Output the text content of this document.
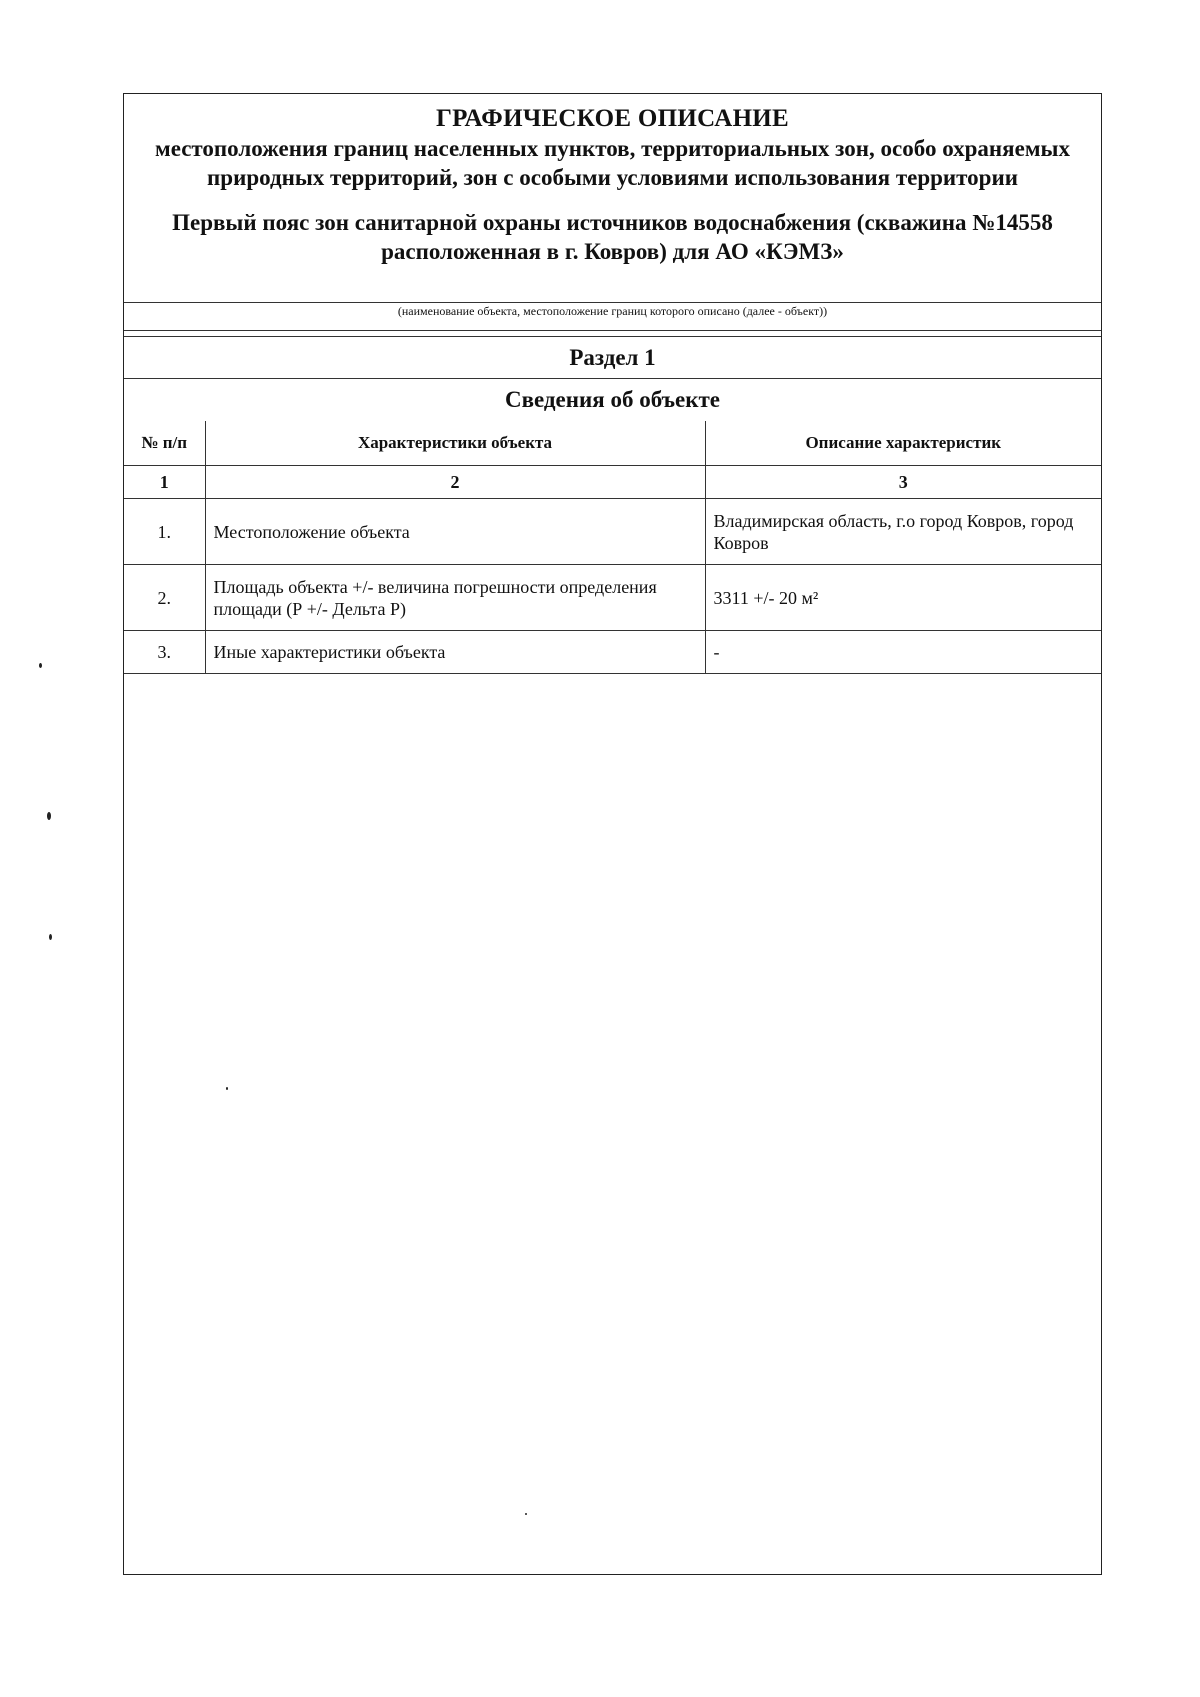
ГРАФИЧЕСКОЕ ОПИСАНИЕ
местоположения границ населенных пунктов, территориальных зон, особо охраняемых природных территорий, зон с особыми условиями использования территории
Первый пояс зон санитарной охраны источников водоснабжения (скважина №14558 расположенная в г. Ковров) для АО «КЭМЗ»
(наименование объекта, местоположение границ которого описано (далее - объект))
Раздел 1
Сведения об объекте
№ п/п	Характеристики объекта	Описание характеристик
1	2	3
1.	Местоположение объекта	Владимирская область, г.о город Ковров, город Ковров
2.	Площадь объекта +/- величина погрешности определения площади (Р +/- Дельта Р)	3311 +/- 20 м²
3.	Иные характеристики объекта	-
